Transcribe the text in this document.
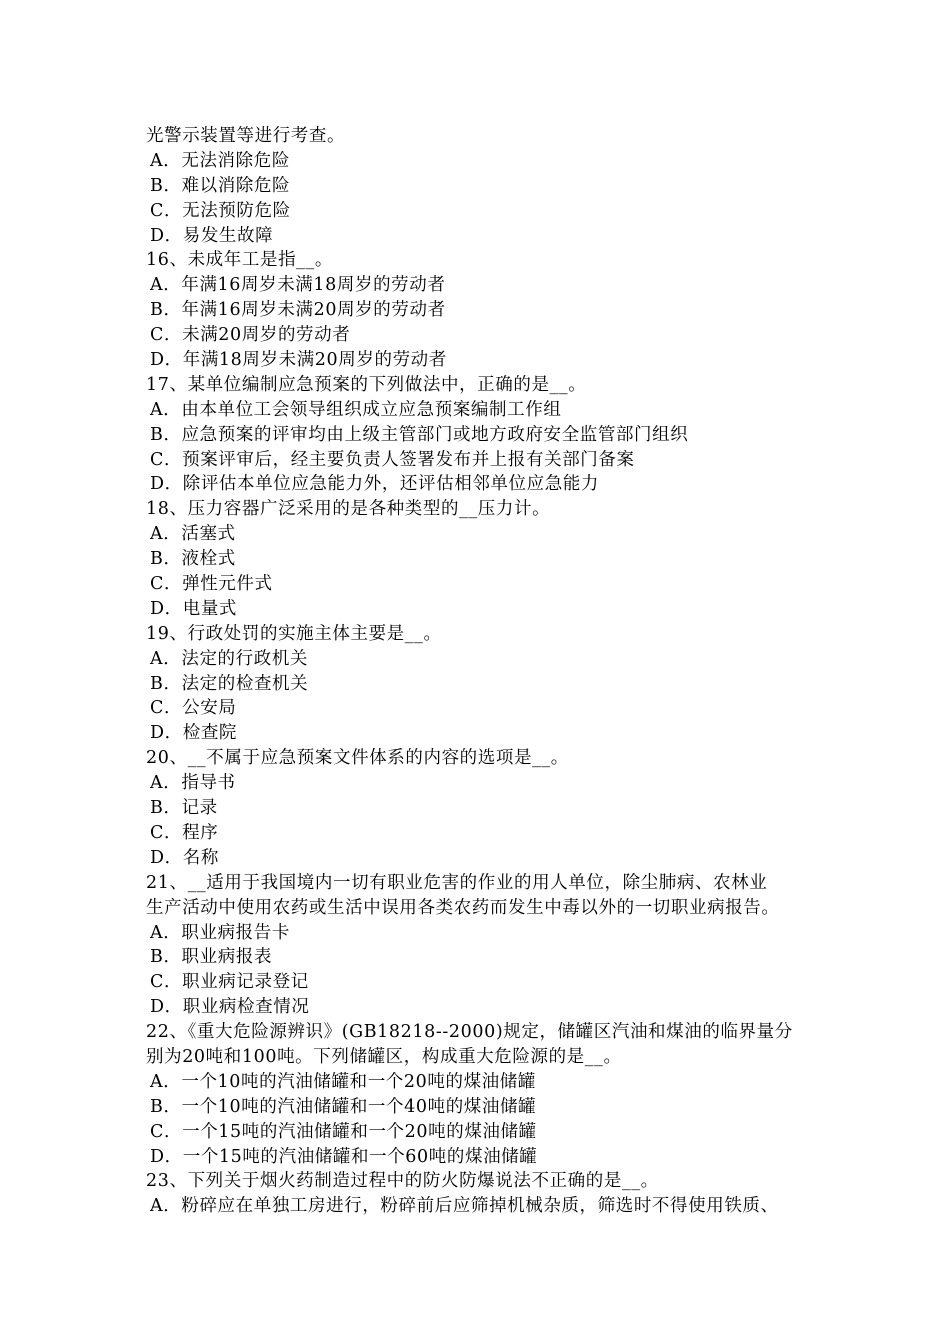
光警示装置等进行考查。
A．无法消除危险
B．难以消除危险
C．无法预防危险
D．易发生故障
16、未成年工是指__。
A．年满16周岁未满18周岁的劳动者
B．年满16周岁未满20周岁的劳动者
C．未满20周岁的劳动者
D．年满18周岁未满20周岁的劳动者
17、某单位编制应急预案的下列做法中，正确的是__。
A．由本单位工会领导组织成立应急预案编制工作组
B．应急预案的评审均由上级主管部门或地方政府安全监管部门组织
C．预案评审后，经主要负责人签署发布并上报有关部门备案
D．除评估本单位应急能力外，还评估相邻单位应急能力
18、压力容器广泛采用的是各种类型的__压力计。
A．活塞式
B．液栓式
C．弹性元件式
D．电量式
19、行政处罚的实施主体主要是__。
A．法定的行政机关
B．法定的检查机关
C．公安局
D．检查院
20、__不属于应急预案文件体系的内容的选项是__。
A．指导书
B．记录
C．程序
D．名称
21、__适用于我国境内一切有职业危害的作业的用人单位，除尘肺病、农林业
生产活动中使用农药或生活中误用各类农药而发生中毒以外的一切职业病报告。
A．职业病报告卡
B．职业病报表
C．职业病记录登记
D．职业病检查情况
22、《重大危险源辨识》(GB18218--2000)规定，储罐区汽油和煤油的临界量分
别为20吨和100吨。下列储罐区，构成重大危险源的是__。
A．一个10吨的汽油储罐和一个20吨的煤油储罐
B．一个10吨的汽油储罐和一个40吨的煤油储罐
C．一个15吨的汽油储罐和一个20吨的煤油储罐
D．一个15吨的汽油储罐和一个60吨的煤油储罐
23、下列关于烟火药制造过程中的防火防爆说法不正确的是__。
A．粉碎应在单独工房进行，粉碎前后应筛掉机械杂质，筛选时不得使用铁质、
